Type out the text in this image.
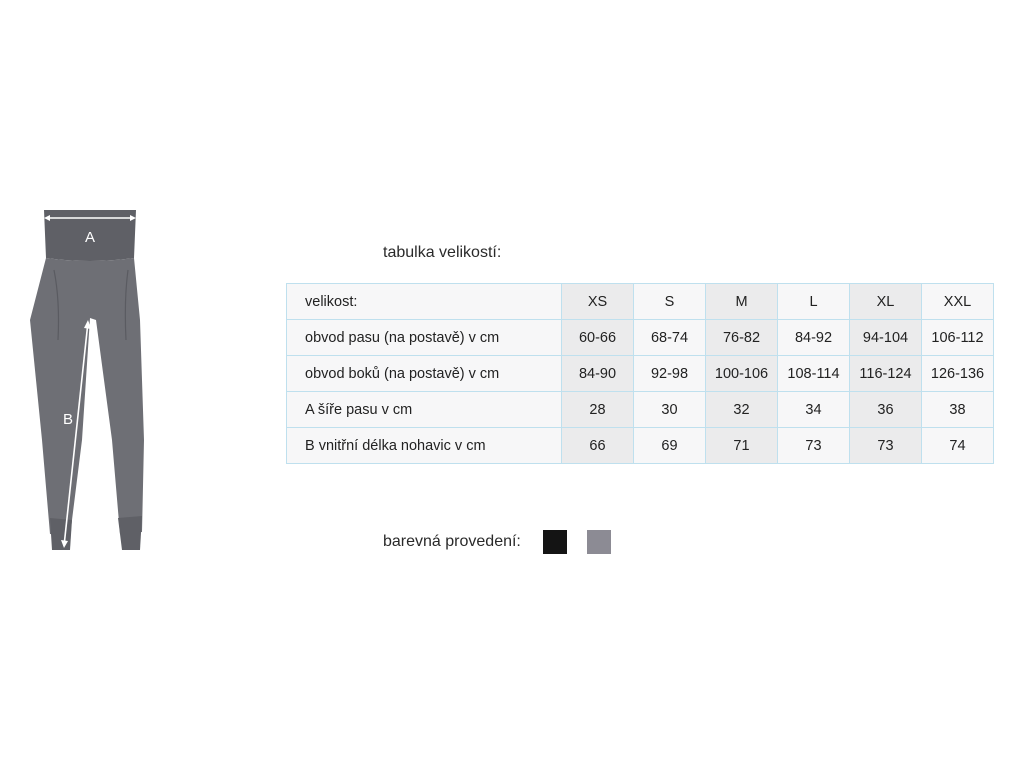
A
B
tabulka velikostí:
velikost:	XS	S	M	L	XL	XXL
obvod pasu (na postavě) v cm	60-66	68-74	76-82	84-92	94-104	106-112
obvod boků (na postavě) v cm	84-90	92-98	100-106	108-114	116-124	126-136
A šíře pasu v cm	28	30	32	34	36	38
B vnitřní délka nohavic v cm	66	69	71	73	73	74
barevná provedení:
